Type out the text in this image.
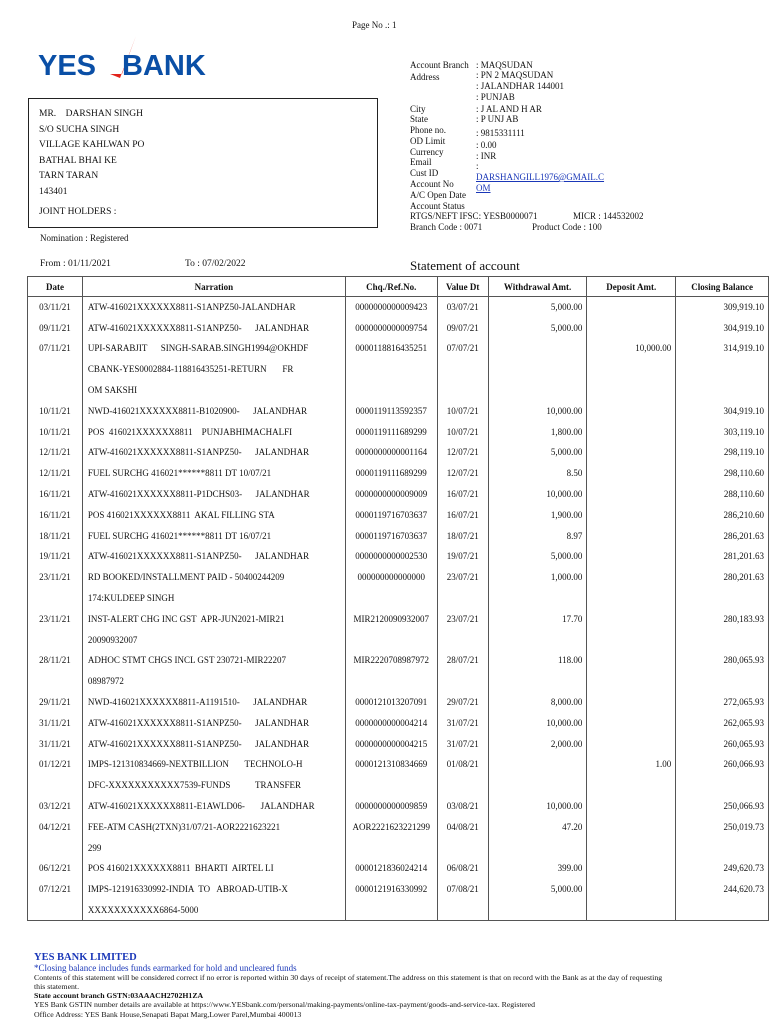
Page No .: 1
YES BANK
MR.    DARSHAN SINGH
S/O SUCHA SINGH
VILLAGE KAHLWAN PO
BATHAL BHAI KE
TARN TARAN
143401
JOINT HOLDERS :
Nomination : Registered
Account Branch : MAQSUDAN
Address	: PN 2 MAQSUDAN
: JALANDHAR 144001
: PUNJAB
City	: J AL AND H AR
State	: P UNJ AB
Phone no.	: 9815331111
OD Limit	: 0.00
Currency	: INR
Email	:
Cust ID	DARSHANGILL1976@GMAIL.C
Account No OM
A/C Open Date
Account Status
RTGS/NEFT IFSC: YESB0000071	MICR : 144532002
Branch Code : 0071	Product Code : 100
From : 01/11/2021	To : 07/02/2022	Statement of account
Date	Narration	Chq./Ref.No.	Value Dt	Withdrawal Amt.	Deposit Amt.	Closing Balance
03/11/21	ATW-416021XXXXXX8811-S1ANPZ50-JALANDHAR	0000000000009423	03/07/21	5,000.00		309,919.10
09/11/21	ATW-416021XXXXXX8811-S1ANPZ50-      JALANDHAR	0000000000009754	09/07/21	5,000.00		304,919.10
07/11/21	UPI-SARABJIT      SINGH-SARAB.SINGH1994@OKHDF	0000118816435251	07/07/21		10,000.00	314,919.10
	CBANK-YES0002884-118816435251-RETURN       FR					
	OM SAKSHI					
10/11/21	NWD-416021XXXXXX8811-B1020900-      JALANDHAR	0000119113592357	10/07/21	10,000.00		304,919.10
10/11/21	POS  416021XXXXXX8811    PUNJABHIMACHALFI	0000119111689299	10/07/21	1,800.00		303,119.10
12/11/21	ATW-416021XXXXXX8811-S1ANPZ50-      JALANDHAR	0000000000001164	12/07/21	5,000.00		298,119.10
12/11/21	FUEL SURCHG 416021******8811 DT 10/07/21	0000119111689299	12/07/21	8.50		298,110.60
16/11/21	ATW-416021XXXXXX8811-P1DCHS03-      JALANDHAR	0000000000009009	16/07/21	10,000.00		288,110.60
16/11/21	POS 416021XXXXXX8811  AKAL FILLING STA	0000119716703637	16/07/21	1,900.00		286,210.60
18/11/21	FUEL SURCHG 416021******8811 DT 16/07/21	0000119716703637	18/07/21	8.97		286,201.63
19/11/21	ATW-416021XXXXXX8811-S1ANPZ50-      JALANDHAR	0000000000002530	19/07/21	5,000.00		281,201.63
23/11/21	RD BOOKED/INSTALLMENT PAID - 50400244209	000000000000000	23/07/21	1,000.00		280,201.63
	174:KULDEEP SINGH					
23/11/21	INST-ALERT CHG INC GST  APR-JUN2021-MIR21	MIR2120090932007	23/07/21	17.70		280,183.93
	20090932007					
28/11/21	ADHOC STMT CHGS INCL GST 230721-MIR22207	MIR2220708987972	28/07/21	118.00		280,065.93
	08987972					
29/11/21	NWD-416021XXXXXX8811-A1191510-      JALANDHAR	0000121013207091	29/07/21	8,000.00		272,065.93
31/11/21	ATW-416021XXXXXX8811-S1ANPZ50-      JALANDHAR	0000000000004214	31/07/21	10,000.00		262,065.93
31/11/21	ATW-416021XXXXXX8811-S1ANPZ50-      JALANDHAR	0000000000004215	31/07/21	2,000.00		260,065.93
01/12/21	IMPS-121310834669-NEXTBILLION       TECHNOLO-H	0000121310834669	01/08/21		1.00	260,066.93
	DFC-XXXXXXXXXXX7539-FUNDS           TRANSFER					
03/12/21	ATW-416021XXXXXX8811-E1AWLD06-       JALANDHAR	0000000000009859	03/08/21	10,000.00		250,066.93
04/12/21	FEE-ATM CASH(2TXN)31/07/21-AOR2221623221	AOR2221623221299	04/08/21	47.20		250,019.73
	299					
06/12/21	POS 416021XXXXXX8811  BHARTI  AIRTEL LI	0000121836024214	06/08/21	399.00		249,620.73
07/12/21	IMPS-121916330992-INDIA  TO   ABROAD-UTIB-X	0000121916330992	07/08/21	5,000.00		244,620.73
	XXXXXXXXXXX6864-5000					
YES BANK LIMITED
*Closing balance includes funds earmarked for hold and uncleared funds
Contents of this statement will be considered correct if no error is reported within 30 days of receipt of statement.The address on this statement is that on record with the Bank as at the day of requesting
this statement.
State account branch GSTN:03AAACH2702H1ZA
YES Bank GSTIN number details are available at https://www.YESbank.com/personal/making-payments/online-tax-payment/goods-and-service-tax. Registered
Office Address: YES Bank House,Senapati Bapat Marg,Lower Parel,Mumbai 400013
